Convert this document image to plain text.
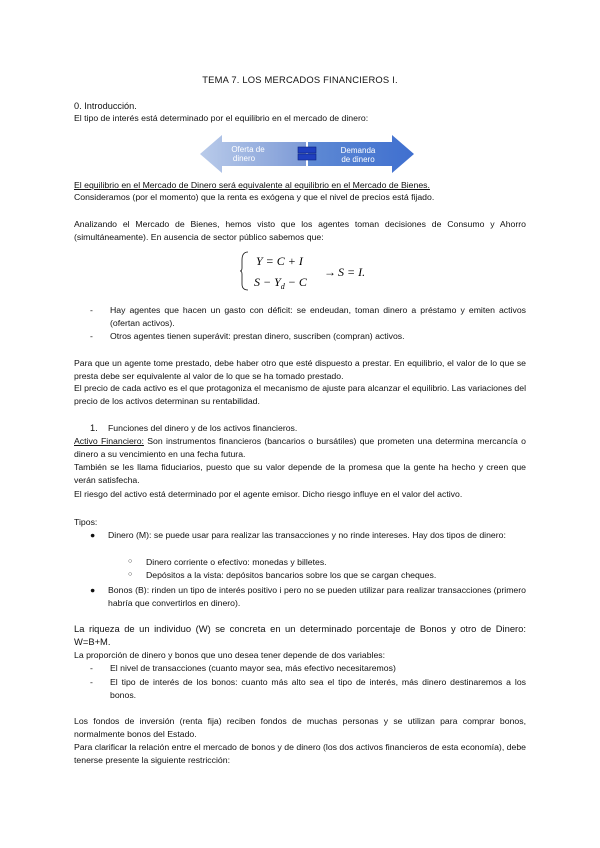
TEMA 7. LOS MERCADOS FINANCIEROS I.
0. Introducción.
El tipo de interés está determinado por el equilibrio en el mercado de dinero:
Oferta de
dinero
Demanda
de dinero
El equilibrio en el Mercado de Dinero será equivalente al equilibrio en el Mercado de Bienes.
Consideramos (por el momento) que la renta es exógena y que el nivel de precios está fijado.
Analizando el Mercado de Bienes, hemos visto que los agentes toman decisiones de Consumo y Ahorro (simultáneamente). En ausencia de sector público sabemos que:
Y = C + I
$S - Y_d - C$
→ S = I.
- Hay agentes que hacen un gasto con déficit: se endeudan, toman dinero a préstamo y emiten activos (ofertan activos).
- Otros agentes tienen superávit: prestan dinero, suscriben (compran) activos.
Para que un agente tome prestado, debe haber otro que esté dispuesto a prestar. En equilibrio, el valor de lo que se presta debe ser equivalente al valor de lo que se ha tomado prestado.
El precio de cada activo es el que protagoniza el mecanismo de ajuste para alcanzar el equilibrio. Las variaciones del precio de los activos determinan su rentabilidad.
1. Funciones del dinero y de los activos financieros.
Activo Financiero: Son instrumentos financieros (bancarios o bursátiles) que prometen una determina mercancía o dinero a su vencimiento en una fecha futura.
También se les llama fiduciarios, puesto que su valor depende de la promesa que la gente ha hecho y creen que verán satisfecha.
El riesgo del activo está determinado por el agente emisor. Dicho riesgo influye en el valor del activo.
Tipos:
● Dinero (M): se puede usar para realizar las transacciones y no rinde intereses. Hay dos tipos de dinero:
○ Dinero corriente o efectivo: monedas y billetes.
○ Depósitos a la vista: depósitos bancarios sobre los que se cargan cheques.
● Bonos (B): rinden un tipo de interés positivo i pero no se pueden utilizar para realizar transacciones (primero habría que convertirlos en dinero).
La riqueza de un individuo (W) se concreta en un determinado porcentaje de Bonos y otro de Dinero: W=B+M.
La proporción de dinero y bonos que uno desea tener depende de dos variables:
- El nivel de transacciones (cuanto mayor sea, más efectivo necesitaremos)
- El tipo de interés de los bonos: cuanto más alto sea el tipo de interés, más dinero destinaremos a los bonos.
Los fondos de inversión (renta fija) reciben fondos de muchas personas y se utilizan para comprar bonos, normalmente bonos del Estado.
Para clarificar la relación entre el mercado de bonos y de dinero (los dos activos financieros de esta economía), debe tenerse presente la siguiente restricción:
